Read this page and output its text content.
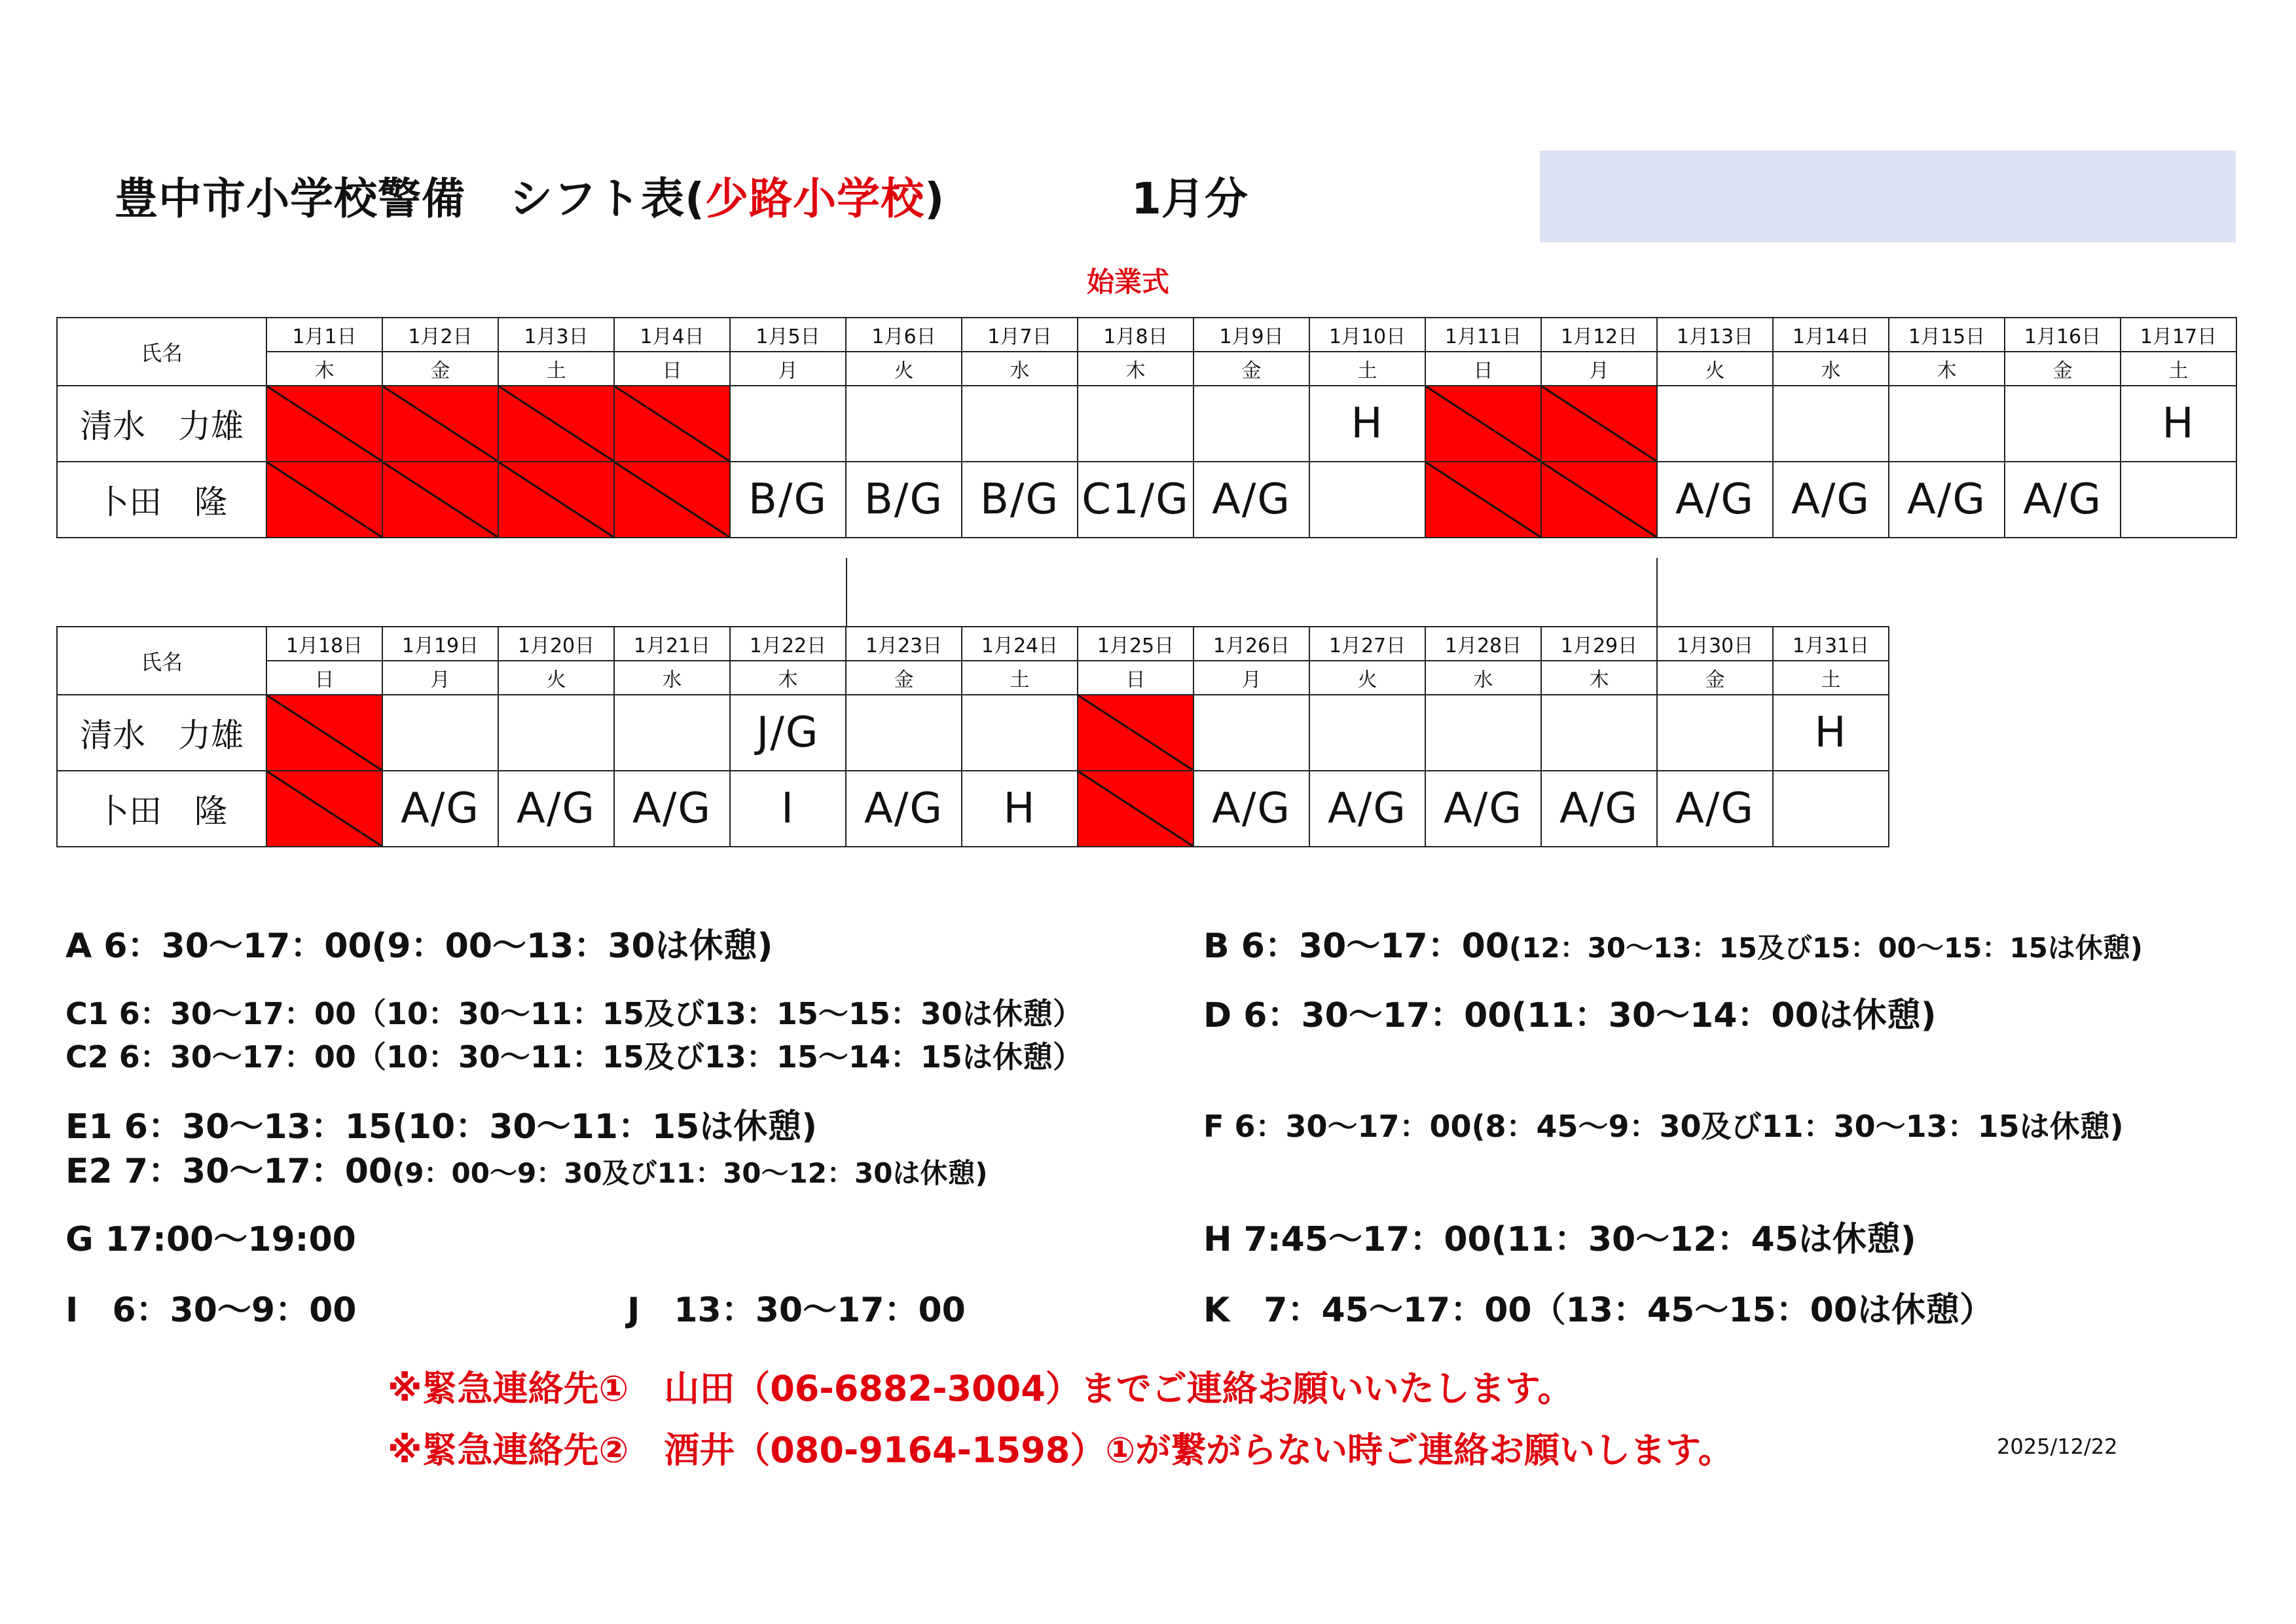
豊中市小学校警備　シフト表(少路小学校)	1月分
始業式
氏名	1月1日	1月2日	1月3日	1月4日	1月5日	1月6日	1月7日	1月8日	1月9日	1月10日	1月11日	1月12日	1月13日	1月14日	1月15日	1月16日	1月17日
	木	金	土	日	月	火	水	木	金	土	日	月	火	水	木	金	土
清水　力雄										H							H
卜田　隆					B/G	B/G	B/G	C1/G	A/G				A/G	A/G	A/G	A/G	
氏名	1月18日	1月19日	1月20日	1月21日	1月22日	1月23日	1月24日	1月25日	1月26日	1月27日	1月28日	1月29日	1月30日	1月31日
	日	月	火	水	木	金	土	日	月	火	水	木	金	土
清水　力雄					J/G									H
卜田　隆		A/G	A/G	A/G	I	A/G	H		A/G	A/G	A/G	A/G	A/G	
A 6：30～17：00(9：00～13：30は休憩)	B 6：30～17：00(12：30～13：15及び15：00～15：15は休憩)
C1 6：30～17：00（10：30～11：15及び13：15～15：30は休憩）
C2 6：30～17：00（10：30～11：15及び13：15～14：15は休憩）
D 6：30～17：00(11：30～14：00は休憩)
E1 6：30～13：15(10：30～11：15は休憩)
E2 7：30～17：00(9：00～9：30及び11：30～12：30は休憩)
F 6：30～17：00(8：45～9：30及び11：30～13：15は休憩)
G 17:00～19:00	H 7:45～17：00(11：30～12：45は休憩)
I　6：30～9：00	J　13：30～17：00	K　7：45～17：00（13：45～15：00は休憩）
※緊急連絡先①　山田（06-6882-3004）までご連絡お願いいたします。
※緊急連絡先②　酒井（080-9164-1598）①が繋がらない時ご連絡お願いします。	2025/12/22
